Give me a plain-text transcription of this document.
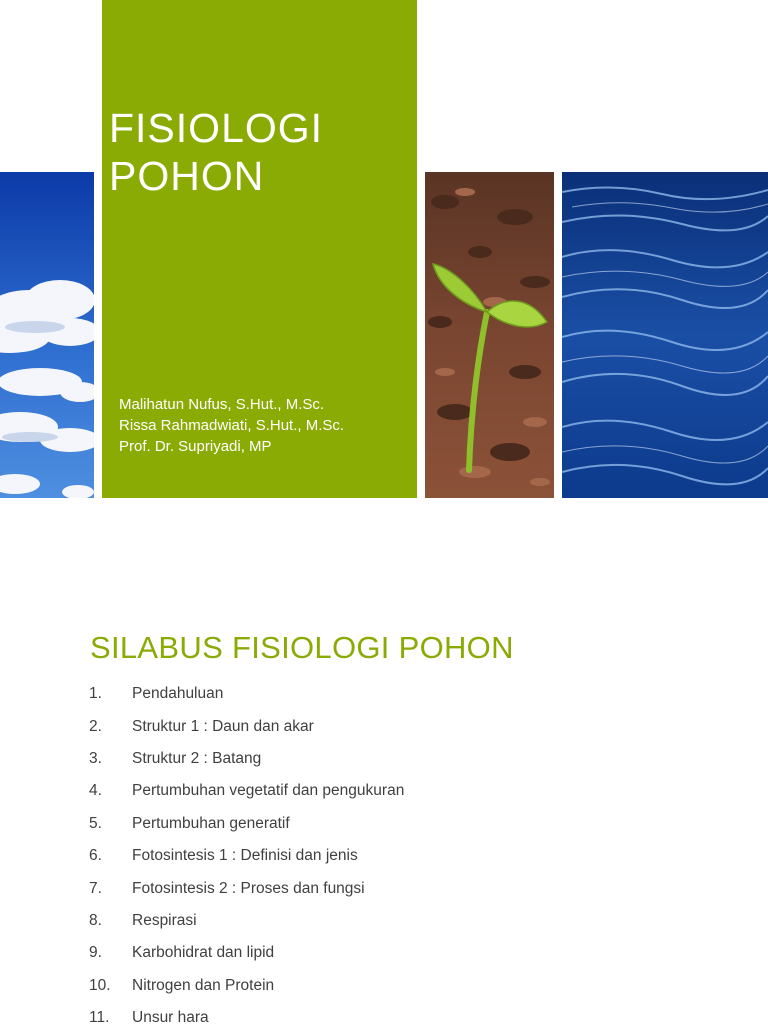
FISIOLOGI
POHON
Malihatun Nufus, S.Hut., M.Sc.
Rissa Rahmadwiati, S.Hut., M.Sc.
Prof. Dr. Supriyadi, MP
SILABUS FISIOLOGI POHON
1.	Pendahuluan
2.	Struktur 1 : Daun dan akar
3.	Struktur 2 : Batang
4.	Pertumbuhan vegetatif dan pengukuran
5.	Pertumbuhan generatif
6.	Fotosintesis 1 : Definisi dan jenis
7.	Fotosintesis 2 : Proses dan fungsi
8.	Respirasi
9.	Karbohidrat dan lipid
10.	Nitrogen dan Protein
11.	Unsur hara
